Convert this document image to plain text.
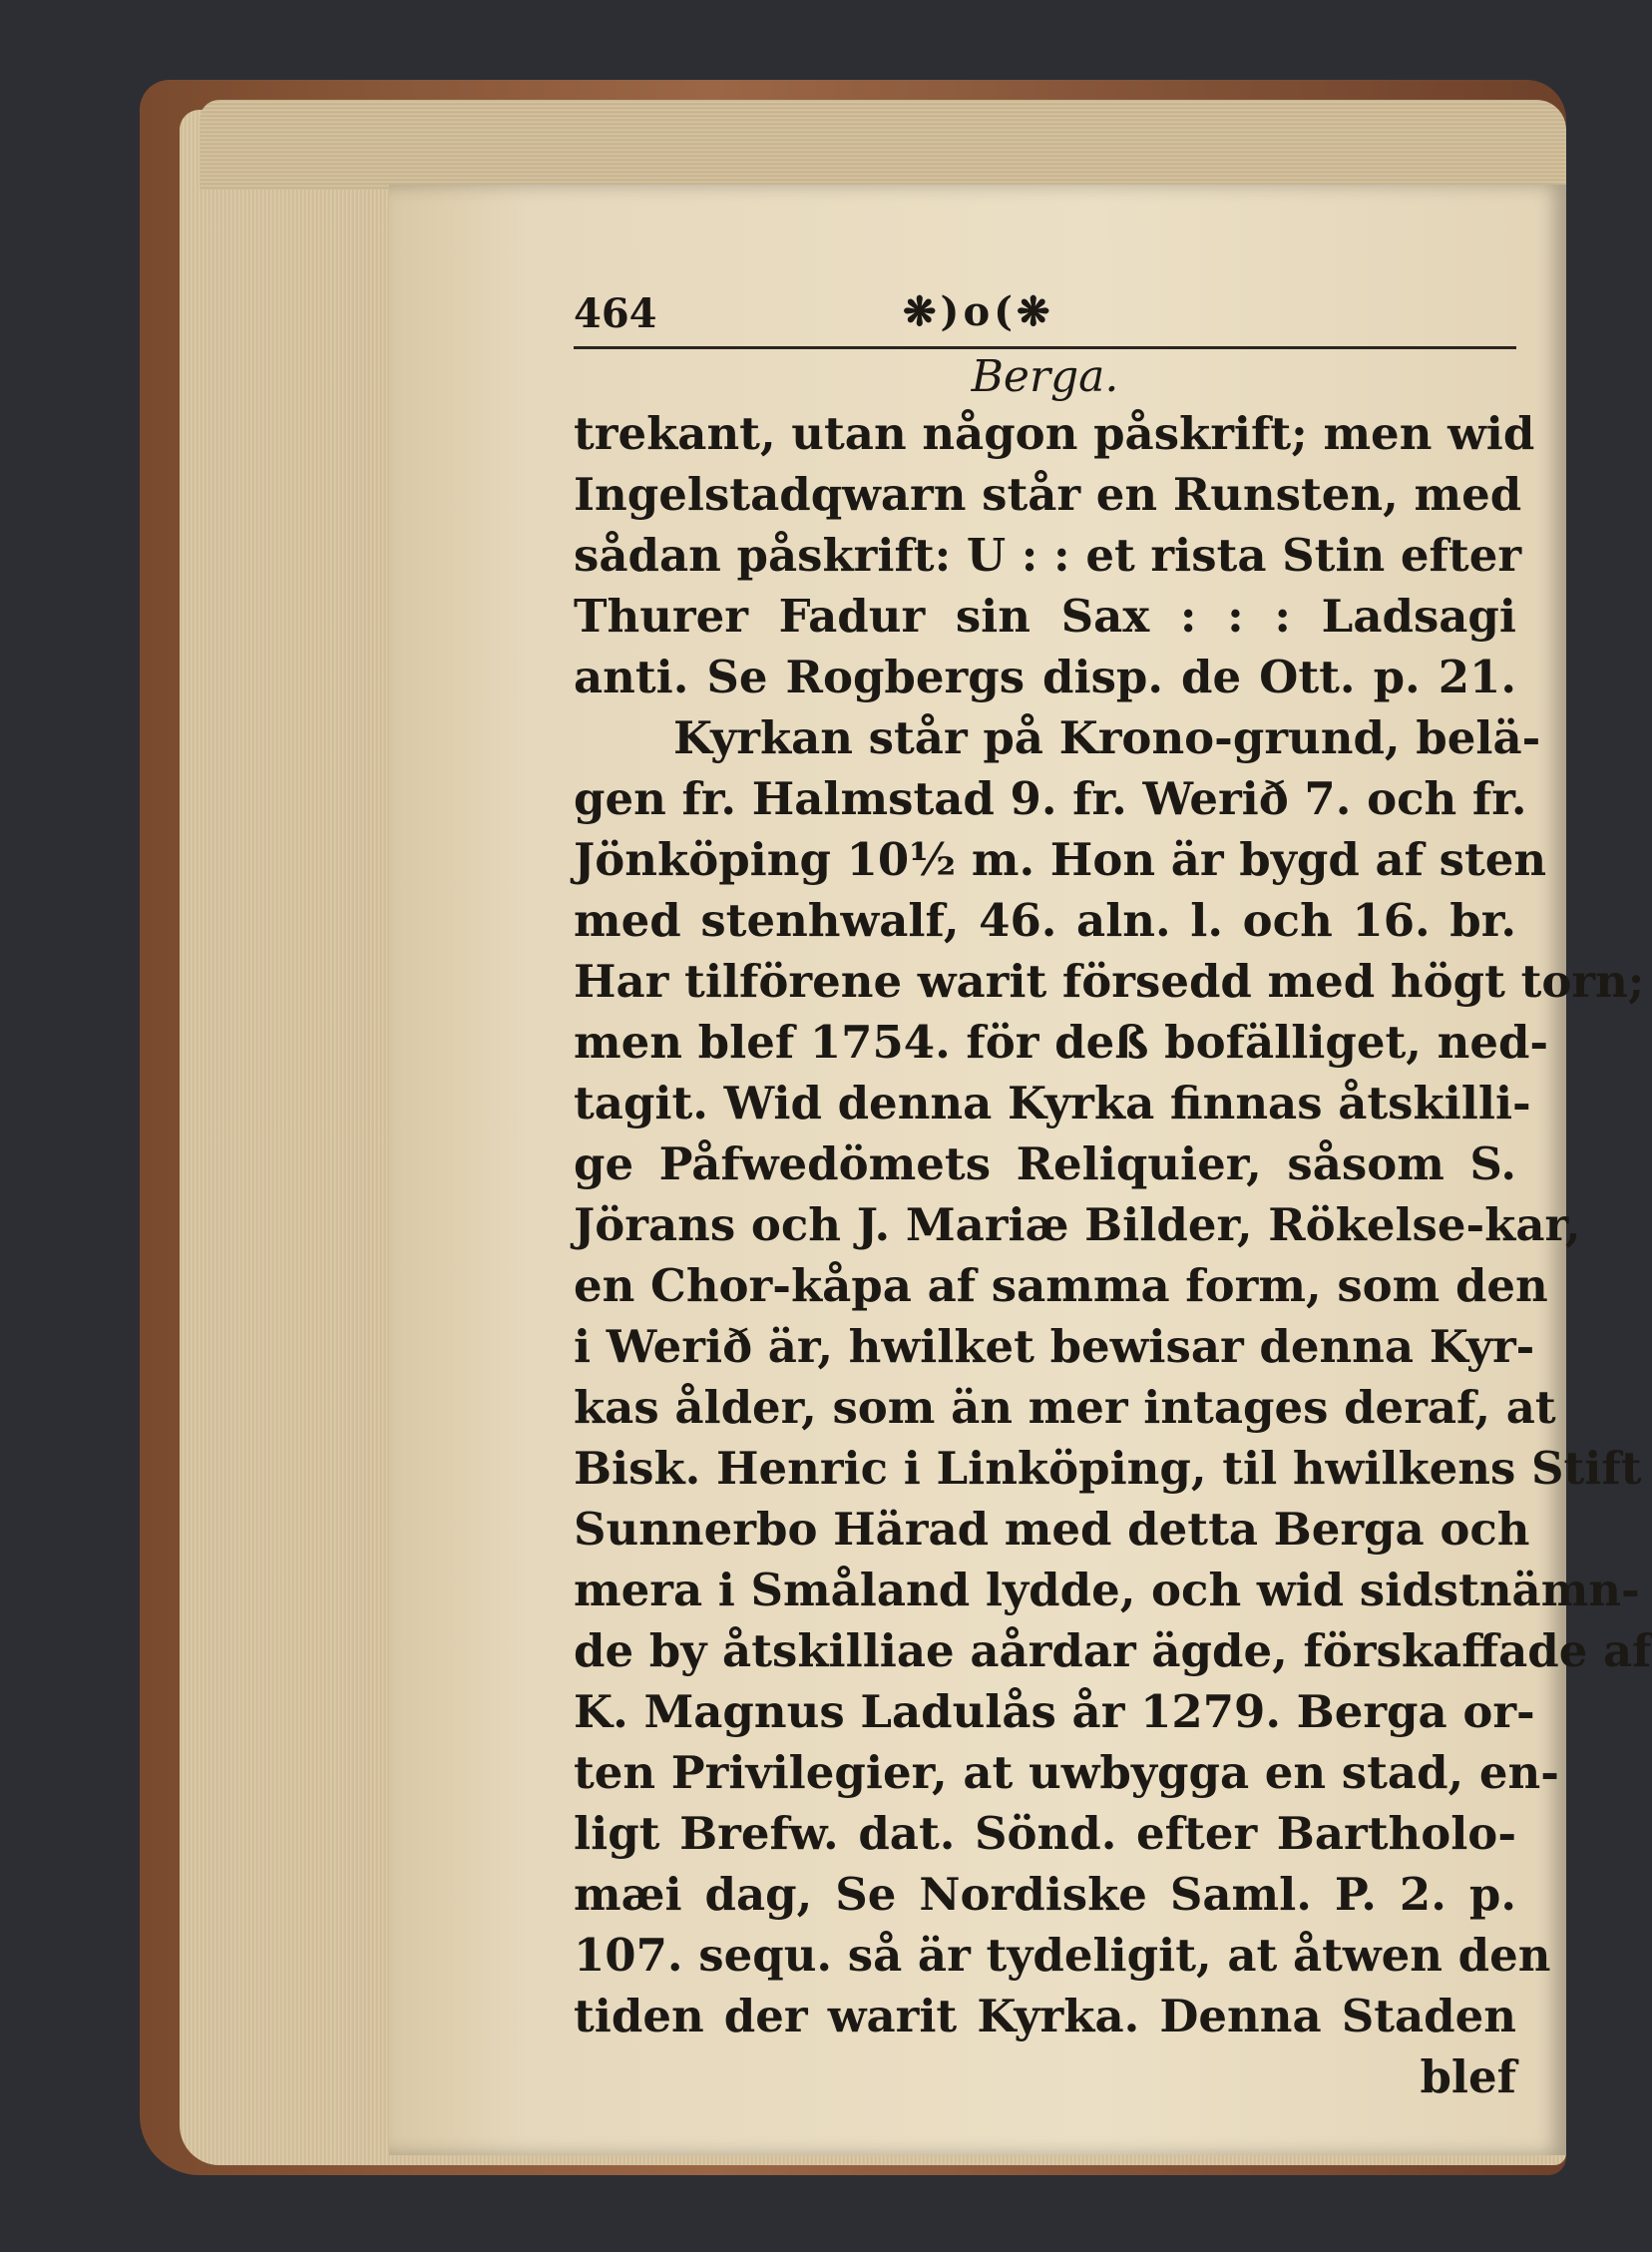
464	❋)o(❋
Berga.
trekant, utan någon påskrift; men wid
Ingelstadqwarn står en Runsten, med
sådan påskrift: U : : et rista Stin efter
Thurer Fadur sin Sax : : : Ladsagi
anti. Se Rogbergs disp. de Ott. p. 21.
Kyrkan står på Krono-grund, belä-
gen fr. Halmstad 9. fr. Werið 7. och fr.
Jönköping 10½ m. Hon är bygd af sten
med stenhwalf, 46. aln. l. och 16. br.
Har tilförene warit försedd med högt torn;
men blef 1754. för deß bofälliget, ned-
tagit. Wid denna Kyrka finnas åtskilli-
ge Påfwedömets Reliquier, såsom S.
Jörans och J. Mariæ Bilder, Rökelse-kar,
en Chor-kåpa af samma form, som den
i Werið är, hwilket bewisar denna Kyr-
kas ålder, som än mer intages deraf, at
Bisk. Henric i Linköping, til hwilkens Stift
Sunnerbo Härad med detta Berga och
mera i Småland lydde, och wid sidstnämn-
de by åtskilliae aårdar ägde, förskaffade af
K. Magnus Ladulås år 1279. Berga or-
ten Privilegier, at uwbygga en stad, en-
ligt Brefw. dat. Sönd. efter Bartholo-
mæi dag, Se Nordiske Saml. P. 2. p.
107. sequ. så är tydeligit, at åtwen den
tiden der warit Kyrka. Denna Staden
blef
